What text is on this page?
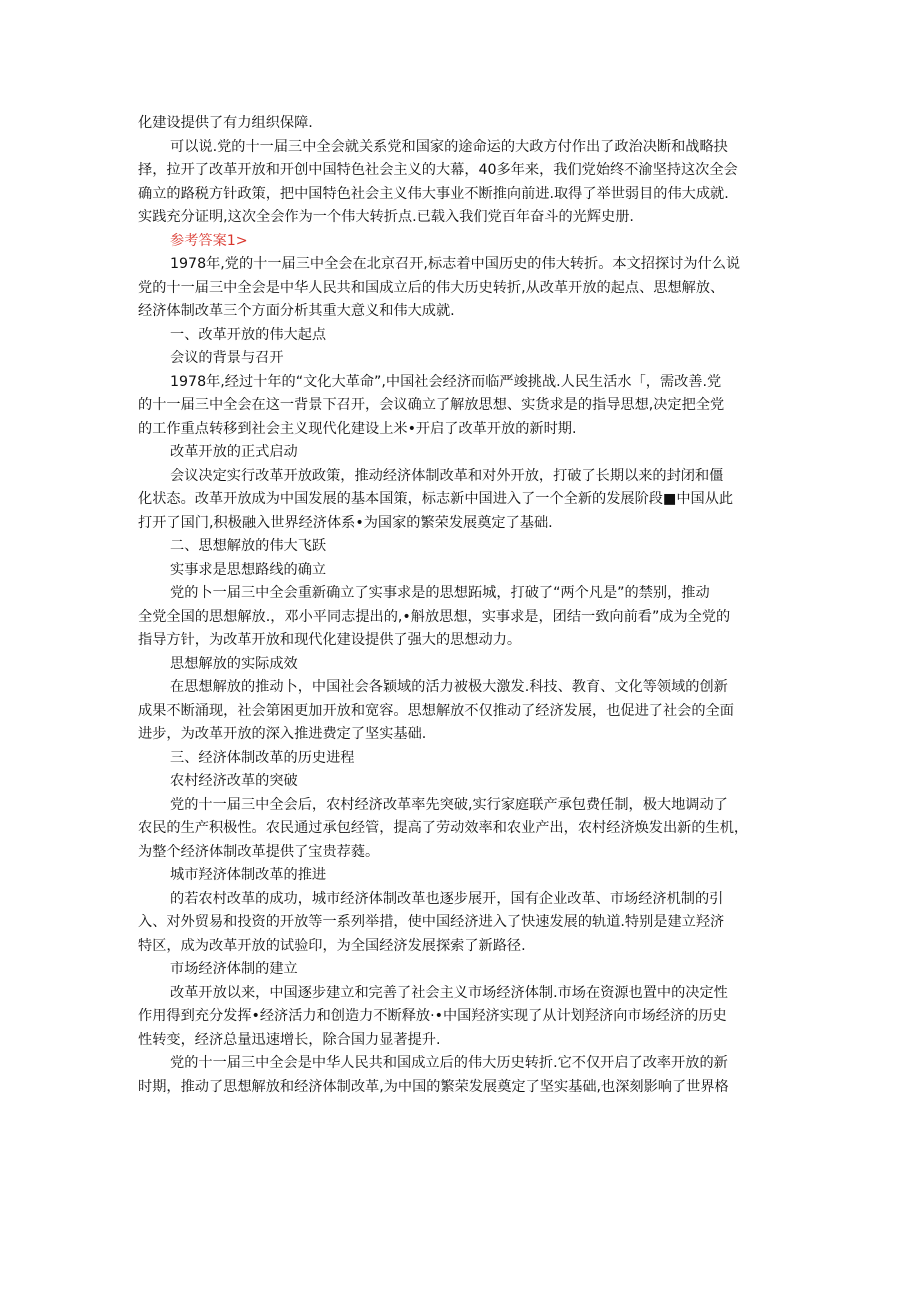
化建设提供了有力组织保障.
可以说.党的十一届三中全会就关系党和国家的途命运的大政方付作出了政治决断和战略抉
择，拉开了改革开放和开创中国特色社会主义的大幕，40多年来，我们党始终不渝坚持这次全会
确立的路税方针政策，把中国特色社会主义伟大事业不断推向前进.取得了举世弱目的伟大成就.
实践充分证明,这次全会作为一个伟大转折点.已载入我们党百年奋斗的光辉史册.
参考答案1>
1978年,党的十一届三中全会在北京召开,标志着中国历史的伟大转折。本文招探讨为什么说
党的十一届三中全会是中华人民共和国成立后的伟大历史转折,从改革开放的起点、思想解放、
经济体制改革三个方面分析其重大意义和伟大成就.
一、改革开放的伟大起点
会议的背景与召开
1978年,经过十年的“文化大革命”,中国社会经济而临严竣挑战.人民生活水「，需改善.党
的十一届三中全会在这一背景下召开，会议确立了解放思想、实货求是的指导思想,决定把全党
的工作重点转移到社会主义现代化建设上米•开启了改革开放的新时期.
改革开放的正式启动
会议决定实行改革开放政策，推动经济体制改革和对外开放，打破了长期以来的封闭和僵
化状态。改革开放成为中国发展的基本国策，标志新中国进入了一个全新的发展阶段■中国从此
打开了国门,积极融入世界经济体系•为国家的繁荣发展奠定了基础.
二、思想解放的伟大飞跃
实事求是思想路线的确立
党的卜一届三中全会重新确立了实事求是的思想跖城，打破了“两个凡是”的禁别，推动
全党全国的思想解放.，邓小平同志提出的,•斛放思想，实事求是，团结一致向前看”成为全党的
指导方针，为改革开放和现代化建设提供了强大的思想动力。
思想解放的实际成效
在思想解放的推动卜，中国社会各颖域的活力被极大激发.科技、教育、文化等领域的创新
成果不断涌现，社会第困更加开放和宽容。思想解放不仅推动了经济发展，也促进了社会的全面
进步，为改革开放的深入推进费定了坚实基础.
三、经济体制改革的历史进程
农村经济改革的突破
党的十一届三中全会后，农村经济改革率先突破,实行家庭联产承包费任制，极大地调动了
农民的生产积极性。农民通过承包经管，提高了劳动效率和农业产出，农村经济焕发出新的生机，
为整个经济体制改革提供了宝贵荐蕤。
城市羟济体制改革的推进
的若农村改革的成功，城市经济体制改革也逐步展开，国有企业改革、市场经济机制的引
入、对外贸易和投资的开放等一系列举措，使中国经济进入了快速发展的轨道.特别是建立羟济
特区，成为改革开放的试验印，为全国经济发展探索了新路径.
市场经济体制的建立
改革开放以来，中国逐步建立和完善了社会主义市场经济体制.市场在资源也置中的决定性
作用得到充分发挥•经济活力和创造力不断释放·•中国羟济实现了从计划羟济向市场经济的历史
性转变，经济总量迅速增长，除合国力显著提升.
党的十一届三中全会是中华人民共和国成立后的伟大历史转折.它不仅开启了改率开放的新
时期，推动了思想解放和经济体制改革,为中国的繁荣发展奠定了坚实基础,也深刻影响了世界格
